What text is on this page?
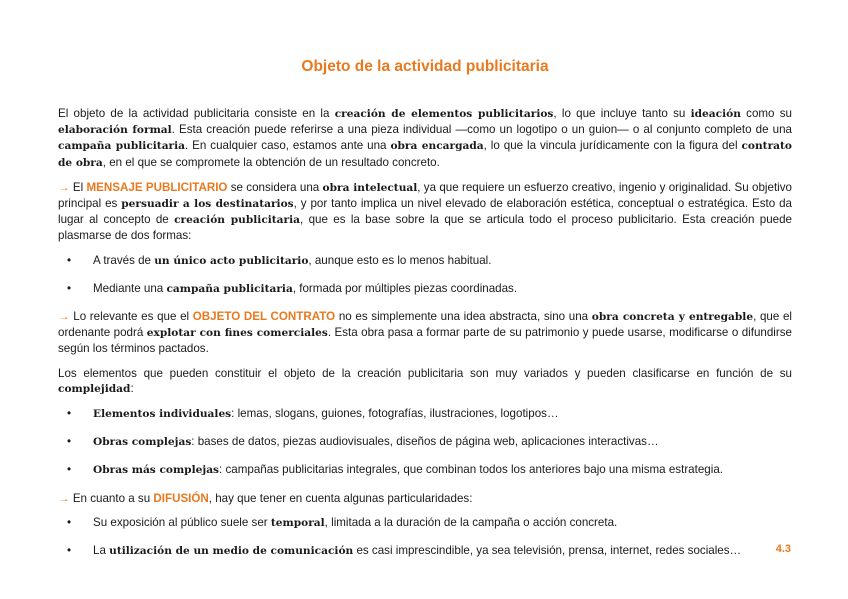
Objeto de la actividad publicitaria

El objeto de la actividad publicitaria consiste en la creación de elementos publicitarios, lo que incluye tanto su ideación como su elaboración formal. Esta creación puede referirse a una pieza individual —como un logotipo o un guion— o al conjunto completo de una campaña publicitaria. En cualquier caso, estamos ante una obra encargada, lo que la vincula jurídicamente con la figura del contrato de obra, en el que se compromete la obtención de un resultado concreto.

→ El MENSAJE PUBLICITARIO se considera una obra intelectual, ya que requiere un esfuerzo creativo, ingenio y originalidad. Su objetivo principal es persuadir a los destinatarios, y por tanto implica un nivel elevado de elaboración estética, conceptual o estratégica. Esto da lugar al concepto de creación publicitaria, que es la base sobre la que se articula todo el proceso publicitario. Esta creación puede plasmarse de dos formas:

• A través de un único acto publicitario, aunque esto es lo menos habitual.
• Mediante una campaña publicitaria, formada por múltiples piezas coordinadas.

→ Lo relevante es que el OBJETO DEL CONTRATO no es simplemente una idea abstracta, sino una obra concreta y entregable, que el ordenante podrá explotar con fines comerciales. Esta obra pasa a formar parte de su patrimonio y puede usarse, modificarse o difundirse según los términos pactados.

Los elementos que pueden constituir el objeto de la creación publicitaria son muy variados y pueden clasificarse en función de su complejidad:

• Elementos individuales: lemas, slogans, guiones, fotografías, ilustraciones, logotipos…
• Obras complejas: bases de datos, piezas audiovisuales, diseños de página web, aplicaciones interactivas…
• Obras más complejas: campañas publicitarias integrales, que combinan todos los anteriores bajo una misma estrategia.

→ En cuanto a su DIFUSIÓN, hay que tener en cuenta algunas particularidades:

• Su exposición al público suele ser temporal, limitada a la duración de la campaña o acción concreta.
• La utilización de un medio de comunicación es casi imprescindible, ya sea televisión, prensa, internet, redes sociales…	4.3
